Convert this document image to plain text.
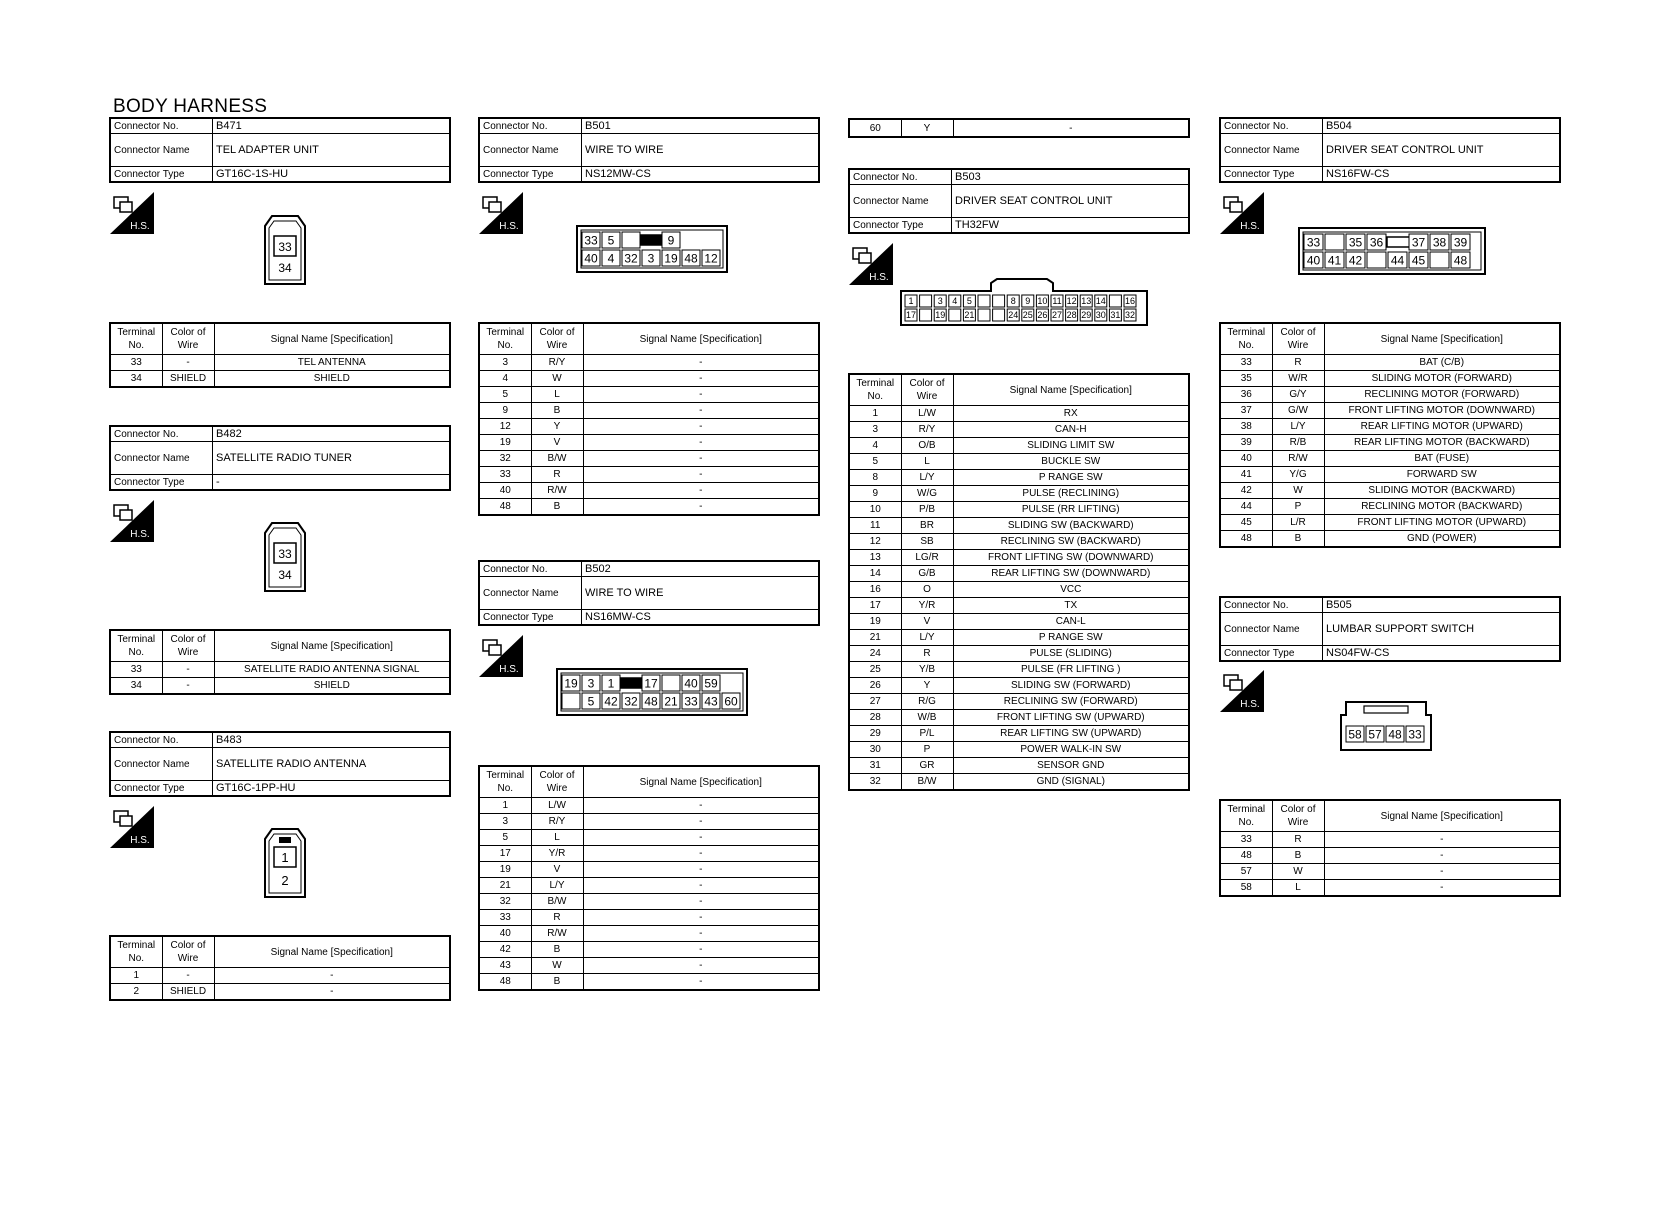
BODY HARNESS
Connector No.	B471
Connector Name	TEL ADAPTER UNIT
Connector Type	GT16C-1S-HU
H.S.
33
34
Terminal No.	Color of Wire	Signal Name [Specification]
33	-	TEL ANTENNA
34	SHIELD	SHIELD
Connector No.	B482
Connector Name	SATELLITE RADIO TUNER
Connector Type	-
H.S.
33
34
Terminal No.	Color of Wire	Signal Name [Specification]
33	-	SATELLITE RADIO ANTENNA SIGNAL
34	-	SHIELD
Connector No.	B483
Connector Name	SATELLITE RADIO ANTENNA
Connector Type	GT16C-1PP-HU
H.S.
1
2
Terminal No.	Color of Wire	Signal Name [Specification]
1	-	-
2	SHIELD	-
Connector No.	B501
Connector Name	WIRE TO WIRE
Connector Type	NS12MW-CS
H.S.
33 5	9
40 4 32 3 19 48 12
Terminal No.	Color of Wire	Signal Name [Specification]
3	R/Y	-
4	W	-
5	L	-
9	B	-
12	Y	-
19	V	-
32	B/W	-
33	R	-
40	R/W	-
48	B	-
Connector No.	B502
Connector Name	WIRE TO WIRE
Connector Type	NS16MW-CS
H.S.
19 3 1 17 40 59
5 42 32 48 21 33 43 60
Terminal No.	Color of Wire	Signal Name [Specification]
1	L/W	-
3	R/Y	-
5	L	-
17	Y/R	-
19	V	-
21	L/Y	-
32	B/W	-
33	R	-
40	R/W	-
42	B	-
43	W	-
48	B	-
60	Y	-
Connector No.	B503
Connector Name	DRIVER SEAT CONTROL UNIT
Connector Type	TH32FW
H.S.
1	3 4 5	8 9 10 11 12 13 14 16
17 19 21	24 25 26 27 28 29 30 31 32
Terminal No.	Color of Wire	Signal Name [Specification]
1	L/W	RX
3	R/Y	CAN-H
4	O/B	SLIDING LIMIT SW
5	L	BUCKLE SW
8	L/Y	P RANGE SW
9	W/G	PULSE (RECLINING)
10	P/B	PULSE (RR LIFTING)
11	BR	SLIDING SW (BACKWARD)
12	SB	RECLINING SW (BACKWARD)
13	LG/R	FRONT LIFTING SW (DOWNWARD)
14	G/B	REAR LIFTING SW (DOWNWARD)
16	O	VCC
17	Y/R	TX
19	V	CAN-L
21	L/Y	P RANGE SW
24	R	PULSE (SLIDING)
25	Y/B	PULSE (FR LIFTING )
26	Y	SLIDING SW (FORWARD)
27	R/G	RECLINING SW (FORWARD)
28	W/B	FRONT LIFTING SW (UPWARD)
29	P/L	REAR LIFTING SW (UPWARD)
30	P	POWER WALK-IN SW
31	GR	SENSOR GND
32	B/W	GND (SIGNAL)
Connector No.	B504
Connector Name	DRIVER SEAT CONTROL UNIT
Connector Type	NS16FW-CS
H.S.
33 35 36 37 38 39
40 41 42 44 45 48
Terminal No.	Color of Wire	Signal Name [Specification]
33	R	BAT (C/B)
35	W/R	SLIDING MOTOR (FORWARD)
36	G/Y	RECLINING MOTOR (FORWARD)
37	G/W	FRONT LIFTING MOTOR (DOWNWARD)
38	L/Y	REAR LIFTING MOTOR (UPWARD)
39	R/B	REAR LIFTING MOTOR (BACKWARD)
40	R/W	BAT (FUSE)
41	Y/G	FORWARD SW
42	W	SLIDING MOTOR (BACKWARD)
44	P	RECLINING MOTOR (BACKWARD)
45	L/R	FRONT LIFTING MOTOR (UPWARD)
48	B	GND (POWER)
Connector No.	B505
Connector Name	LUMBAR SUPPORT SWITCH
Connector Type	NS04FW-CS
H.S.
58 57 48 33
Terminal No.	Color of Wire	Signal Name [Specification]
33	R	-
48	B	-
57	W	-
58	L	-
